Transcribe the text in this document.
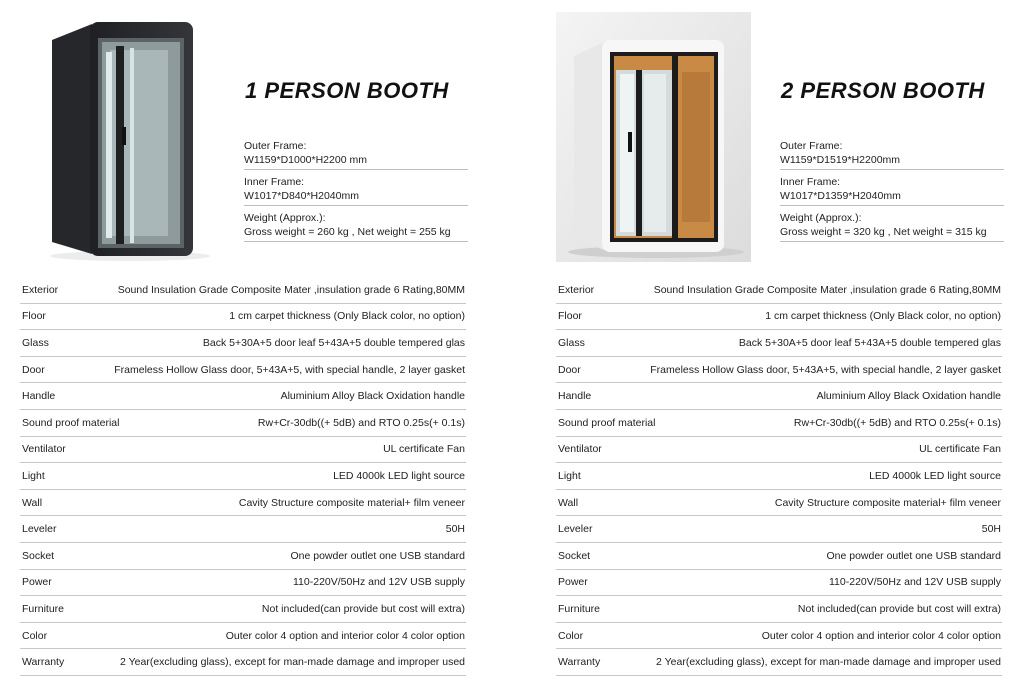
1 PERSON BOOTH
Outer Frame:
W1159*D1000*H2200 mm
Inner Frame:
W1017*D840*H2040mm
Weight (Approx.):
Gross weight = 260 kg , Net weight = 255 kg
Exterior	Sound Insulation Grade Composite Mater ,insulation grade 6 Rating,80MM
Floor	1 cm carpet thickness (Only Black color, no option)
Glass	Back 5+30A+5 door leaf 5+43A+5 double tempered glas
Door	Frameless Hollow Glass door, 5+43A+5, with special handle, 2 layer gasket
Handle	Aluminium Alloy Black Oxidation handle
Sound proof material	Rw+Cr-30db((+ 5dB) and RTO 0.25s(+ 0.1s)
Ventilator	UL certificate Fan
Light	LED 4000k LED light source
Wall	Cavity Structure composite material+ film veneer
Leveler	50H
Socket	One powder outlet one USB standard
Power	110-220V/50Hz and 12V USB supply
Furniture	Not included(can provide but cost will extra)
Color	Outer color 4 option and interior color 4 color option
Warranty	2 Year(excluding glass), except for man-made damage and improper used
2 PERSON BOOTH
Outer Frame:
W1159*D1519*H2200mm
Inner Frame:
W1017*D1359*H2040mm
Weight (Approx.):
Gross weight = 320 kg , Net weight = 315 kg
Exterior	Sound Insulation Grade Composite Mater ,insulation grade 6 Rating,80MM
Floor	1 cm carpet thickness (Only Black color, no option)
Glass	Back 5+30A+5 door leaf 5+43A+5 double tempered glas
Door	Frameless Hollow Glass door, 5+43A+5, with special handle, 2 layer gasket
Handle	Aluminium Alloy Black Oxidation handle
Sound proof material	Rw+Cr-30db((+ 5dB) and RTO 0.25s(+ 0.1s)
Ventilator	UL certificate Fan
Light	LED 4000k LED light source
Wall	Cavity Structure composite material+ film veneer
Leveler	50H
Socket	One powder outlet one USB standard
Power	110-220V/50Hz and 12V USB supply
Furniture	Not included(can provide but cost will extra)
Color	Outer color 4 option and interior color 4 color option
Warranty	2 Year(excluding glass), except for man-made damage and improper used
